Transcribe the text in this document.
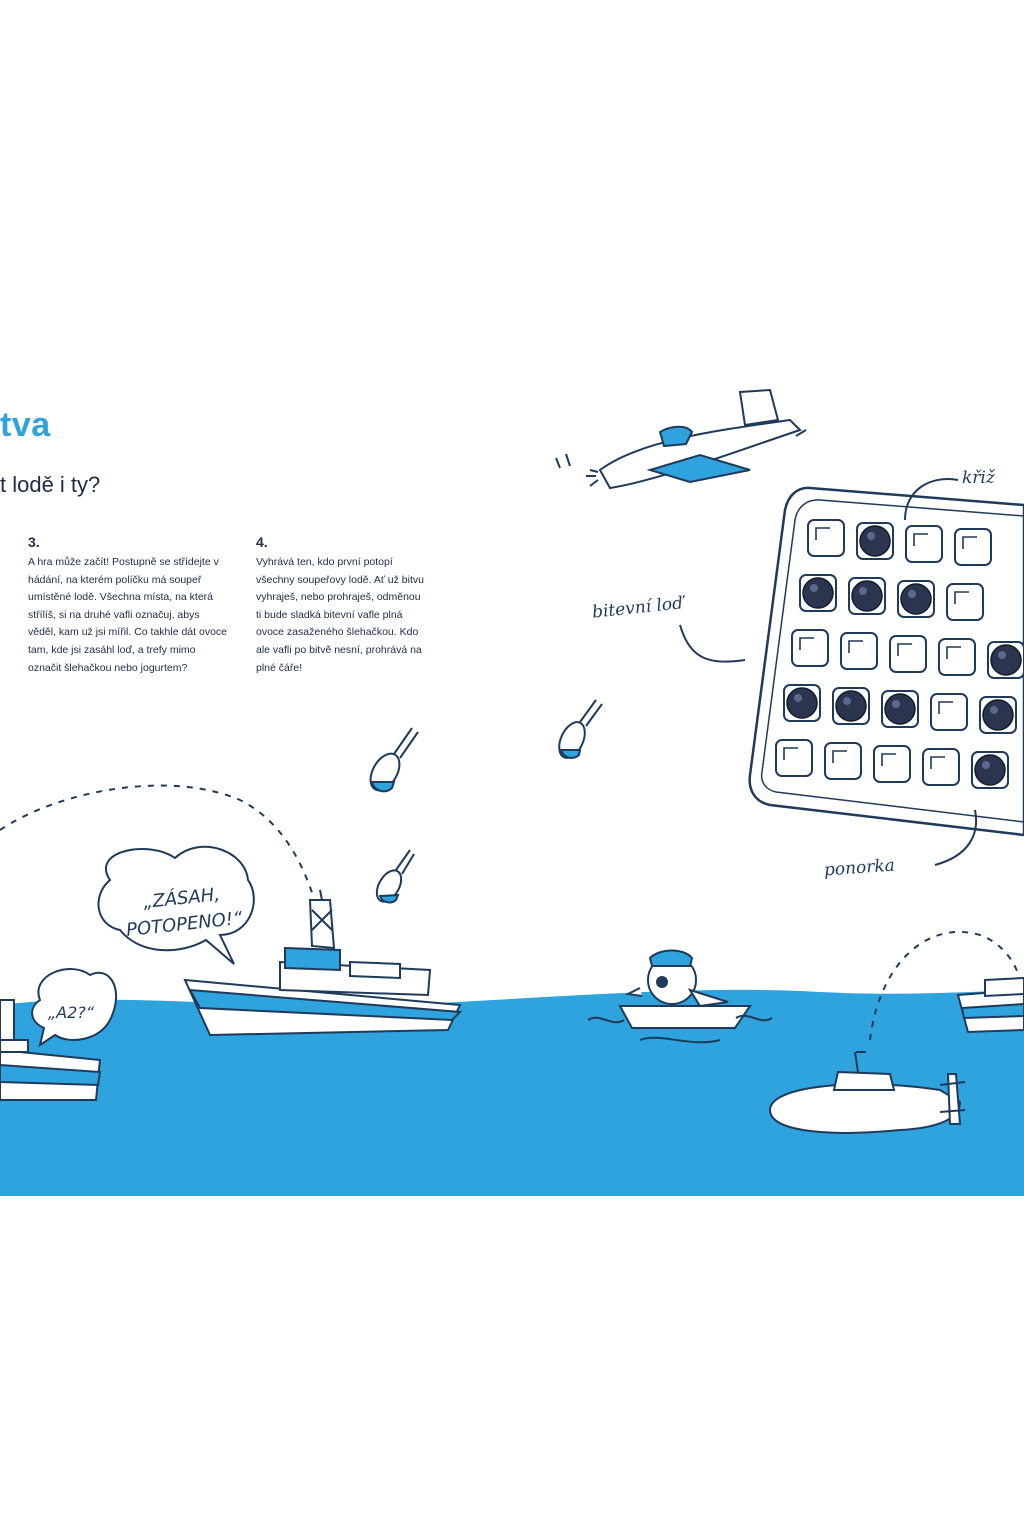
tva
t lodě i ty?
3.
A hra může začít! Postupně se střídejte v hádání, na kterém políčku má soupeř umístěné lodě. Všechna místa, na která střílíš, si na druhé vafli označuj, abys věděl, kam už jsi mířil. Co takhle dát ovoce tam, kde jsi zasáhl loď, a trefy mimo označit šlehačkou nebo jogurtem?
4.
Vyhrává ten, kdo první potopí všechny soupeřovy lodě. Ať už bitvu vyhraješ, nebo prohraješ, odměnou ti bude sladká bitevní vafle plná ovoce zasaženého šlehačkou. Kdo ale vafli po bitvě nesní, prohrává na plné čáře!
křiž
bitevní loď
ponorka
„ZÁSAH, POTOPENO!“
„A2?“
